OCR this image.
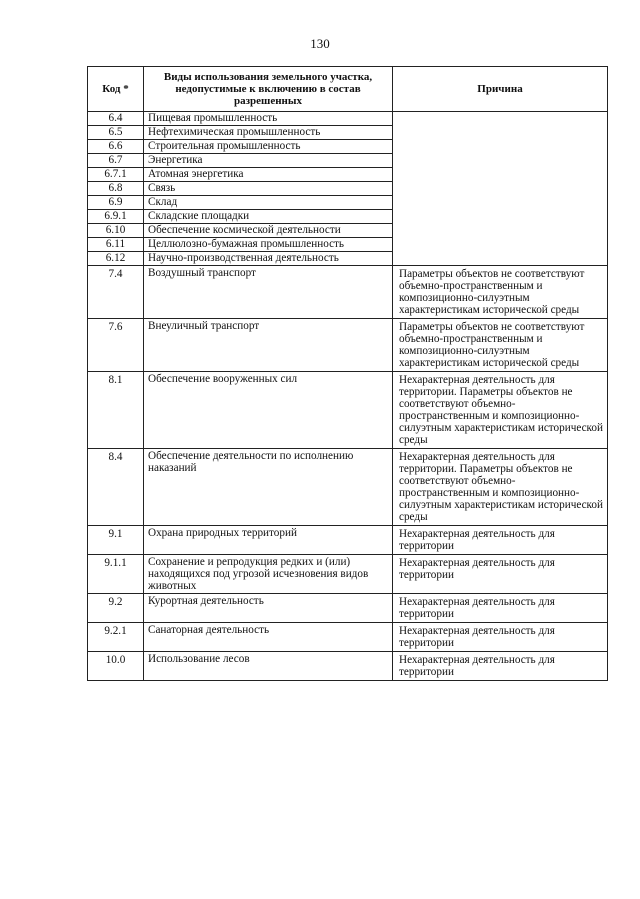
130
Код *	Виды использования земельного участка, недопустимые к включению в состав разрешенных	Причина
6.4	Пищевая промышленность	
6.5	Нефтехимическая промышленность	
6.6	Строительная промышленность	
6.7	Энергетика	
6.7.1	Атомная энергетика	
6.8	Связь	
6.9	Склад	
6.9.1	Складские площадки	
6.10	Обеспечение космической деятельности	
6.11	Целлюлозно-бумажная промышленность	
6.12	Научно-производственная деятельность	
7.4	Воздушный транспорт	Параметры объектов не соответствуют объемно-пространственным и композиционно-силуэтным характеристикам исторической среды
7.6	Внеуличный транспорт	Параметры объектов не соответствуют объемно-пространственным и композиционно-силуэтным характеристикам исторической среды
8.1	Обеспечение вооруженных сил	Нехарактерная деятельность для территории. Параметры объектов не соответствуют объемно-пространственным и композиционно-силуэтным характеристикам исторической среды
8.4	Обеспечение деятельности по исполнению наказаний	Нехарактерная деятельность для территории. Параметры объектов не соответствуют объемно-пространственным и композиционно-силуэтным характеристикам исторической среды
9.1	Охрана природных территорий	Нехарактерная деятельность для территории
9.1.1	Сохранение и репродукция редких и (или) находящихся под угрозой исчезновения видов животных	Нехарактерная деятельность для территории
9.2	Курортная деятельность	Нехарактерная деятельность для территории
9.2.1	Санаторная деятельность	Нехарактерная деятельность для территории
10.0	Использование лесов	Нехарактерная деятельность для территории
